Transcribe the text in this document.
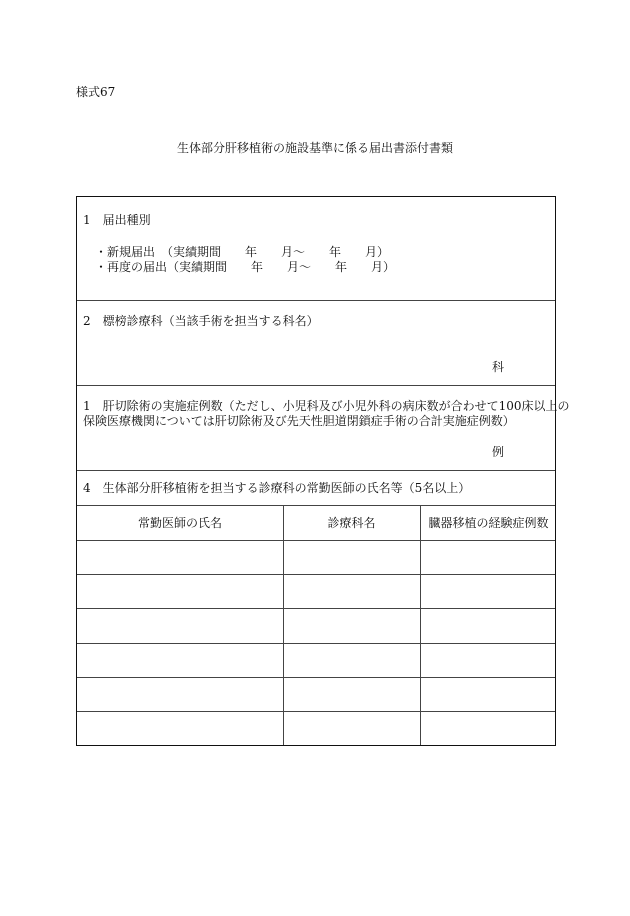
様式67
生体部分肝移植術の施設基準に係る届出書添付書類
1　届出種別
・新規届出　（実績期間　　年　　月～　　年　　月）
・再度の届出（実績期間　　年　　月～　　年　　月）
2　標榜診療科（当該手術を担当する科名）
科
1　肝切除術の実施症例数（ただし、小児科及び小児外科の病床数が合わせて100床以上の
保険医療機関については肝切除術及び先天性胆道閉鎖症手術の合計実施症例数）
例
4　生体部分肝移植術を担当する診療科の常勤医師の氏名等（5名以上）
常勤医師の氏名	診療科名	臓器移植の経験症例数
